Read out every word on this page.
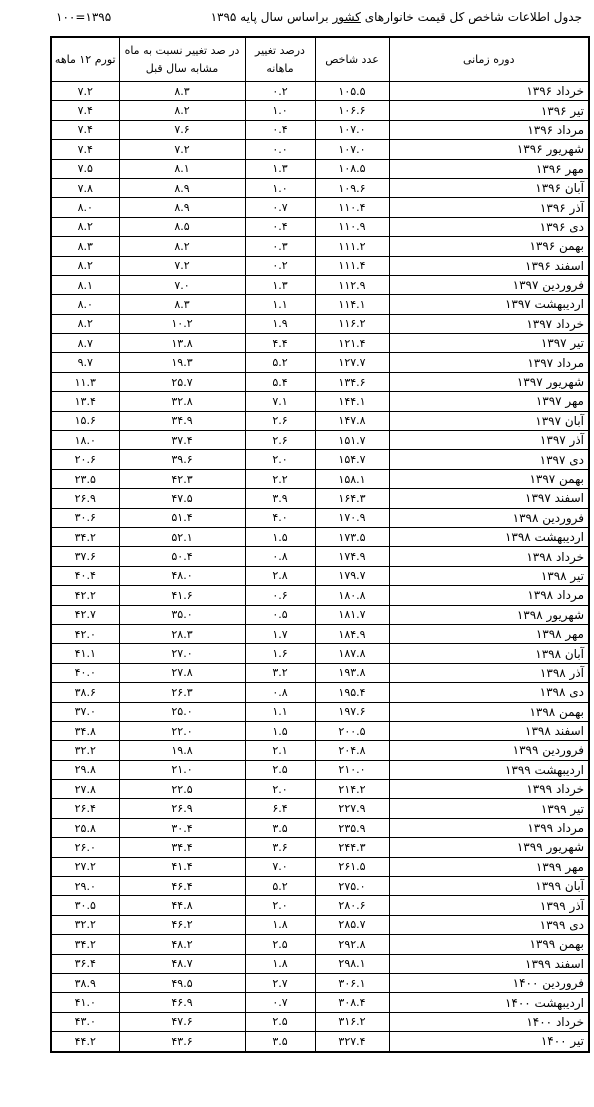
جدول اطلاعات شاخص کل قیمت خانوارهای کشور براساس سال پایه ۱۳۹۵
۱۳۹۵=۱۰۰
دوره زمانی	عدد شاخص	درصد تغییر ماهانه	در صد تغییر نسبت به ماه مشابه سال قبل	تورم ۱۲ ماهه
خرداد ۱۳۹۶	۱۰۵.۵	۰.۲	۸.۳	۷.۲
تیر ۱۳۹۶	۱۰۶.۶	۱.۰	۸.۲	۷.۴
مرداد ۱۳۹۶	۱۰۷.۰	۰.۴	۷.۶	۷.۴
شهریور ۱۳۹۶	۱۰۷.۰	۰.۰	۷.۲	۷.۴
مهر ۱۳۹۶	۱۰۸.۵	۱.۳	۸.۱	۷.۵
آبان ۱۳۹۶	۱۰۹.۶	۱.۰	۸.۹	۷.۸
آذر ۱۳۹۶	۱۱۰.۴	۰.۷	۸.۹	۸.۰
دی ۱۳۹۶	۱۱۰.۹	۰.۴	۸.۵	۸.۲
بهمن ۱۳۹۶	۱۱۱.۲	۰.۳	۸.۲	۸.۳
اسفند ۱۳۹۶	۱۱۱.۴	۰.۲	۷.۲	۸.۲
فروردین ۱۳۹۷	۱۱۲.۹	۱.۳	۷.۰	۸.۱
اردیبهشت ۱۳۹۷	۱۱۴.۱	۱.۱	۸.۳	۸.۰
خرداد ۱۳۹۷	۱۱۶.۲	۱.۹	۱۰.۲	۸.۲
تیر ۱۳۹۷	۱۲۱.۴	۴.۴	۱۳.۸	۸.۷
مرداد ۱۳۹۷	۱۲۷.۷	۵.۲	۱۹.۳	۹.۷
شهریور ۱۳۹۷	۱۳۴.۶	۵.۴	۲۵.۷	۱۱.۳
مهر ۱۳۹۷	۱۴۴.۱	۷.۱	۳۲.۸	۱۳.۴
آبان ۱۳۹۷	۱۴۷.۸	۲.۶	۳۴.۹	۱۵.۶
آذر ۱۳۹۷	۱۵۱.۷	۲.۶	۳۷.۴	۱۸.۰
دی ۱۳۹۷	۱۵۴.۷	۲.۰	۳۹.۶	۲۰.۶
بهمن ۱۳۹۷	۱۵۸.۱	۲.۲	۴۲.۳	۲۳.۵
اسفند ۱۳۹۷	۱۶۴.۳	۳.۹	۴۷.۵	۲۶.۹
فروردین ۱۳۹۸	۱۷۰.۹	۴.۰	۵۱.۴	۳۰.۶
اردیبهشت ۱۳۹۸	۱۷۳.۵	۱.۵	۵۲.۱	۳۴.۲
خرداد ۱۳۹۸	۱۷۴.۹	۰.۸	۵۰.۴	۳۷.۶
تیر ۱۳۹۸	۱۷۹.۷	۲.۸	۴۸.۰	۴۰.۴
مرداد ۱۳۹۸	۱۸۰.۸	۰.۶	۴۱.۶	۴۲.۲
شهریور ۱۳۹۸	۱۸۱.۷	۰.۵	۳۵.۰	۴۲.۷
مهر ۱۳۹۸	۱۸۴.۹	۱.۷	۲۸.۳	۴۲.۰
آبان ۱۳۹۸	۱۸۷.۸	۱.۶	۲۷.۰	۴۱.۱
آذر ۱۳۹۸	۱۹۳.۸	۳.۲	۲۷.۸	۴۰.۰
دی ۱۳۹۸	۱۹۵.۴	۰.۸	۲۶.۳	۳۸.۶
بهمن ۱۳۹۸	۱۹۷.۶	۱.۱	۲۵.۰	۳۷.۰
اسفند ۱۳۹۸	۲۰۰.۵	۱.۵	۲۲.۰	۳۴.۸
فروردین ۱۳۹۹	۲۰۴.۸	۲.۱	۱۹.۸	۳۲.۲
اردیبهشت ۱۳۹۹	۲۱۰.۰	۲.۵	۲۱.۰	۲۹.۸
خرداد ۱۳۹۹	۲۱۴.۲	۲.۰	۲۲.۵	۲۷.۸
تیر ۱۳۹۹	۲۲۷.۹	۶.۴	۲۶.۹	۲۶.۴
مرداد ۱۳۹۹	۲۳۵.۹	۳.۵	۳۰.۴	۲۵.۸
شهریور ۱۳۹۹	۲۴۴.۳	۳.۶	۳۴.۴	۲۶.۰
مهر ۱۳۹۹	۲۶۱.۵	۷.۰	۴۱.۴	۲۷.۲
آبان ۱۳۹۹	۲۷۵.۰	۵.۲	۴۶.۴	۲۹.۰
آذر ۱۳۹۹	۲۸۰.۶	۲.۰	۴۴.۸	۳۰.۵
دی ۱۳۹۹	۲۸۵.۷	۱.۸	۴۶.۲	۳۲.۲
بهمن ۱۳۹۹	۲۹۲.۸	۲.۵	۴۸.۲	۳۴.۲
اسفند ۱۳۹۹	۲۹۸.۱	۱.۸	۴۸.۷	۳۶.۴
فروردین ۱۴۰۰	۳۰۶.۱	۲.۷	۴۹.۵	۳۸.۹
اردیبهشت ۱۴۰۰	۳۰۸.۴	۰.۷	۴۶.۹	۴۱.۰
خرداد ۱۴۰۰	۳۱۶.۲	۲.۵	۴۷.۶	۴۳.۰
تیر ۱۴۰۰	۳۲۷.۴	۳.۵	۴۳.۶	۴۴.۲
